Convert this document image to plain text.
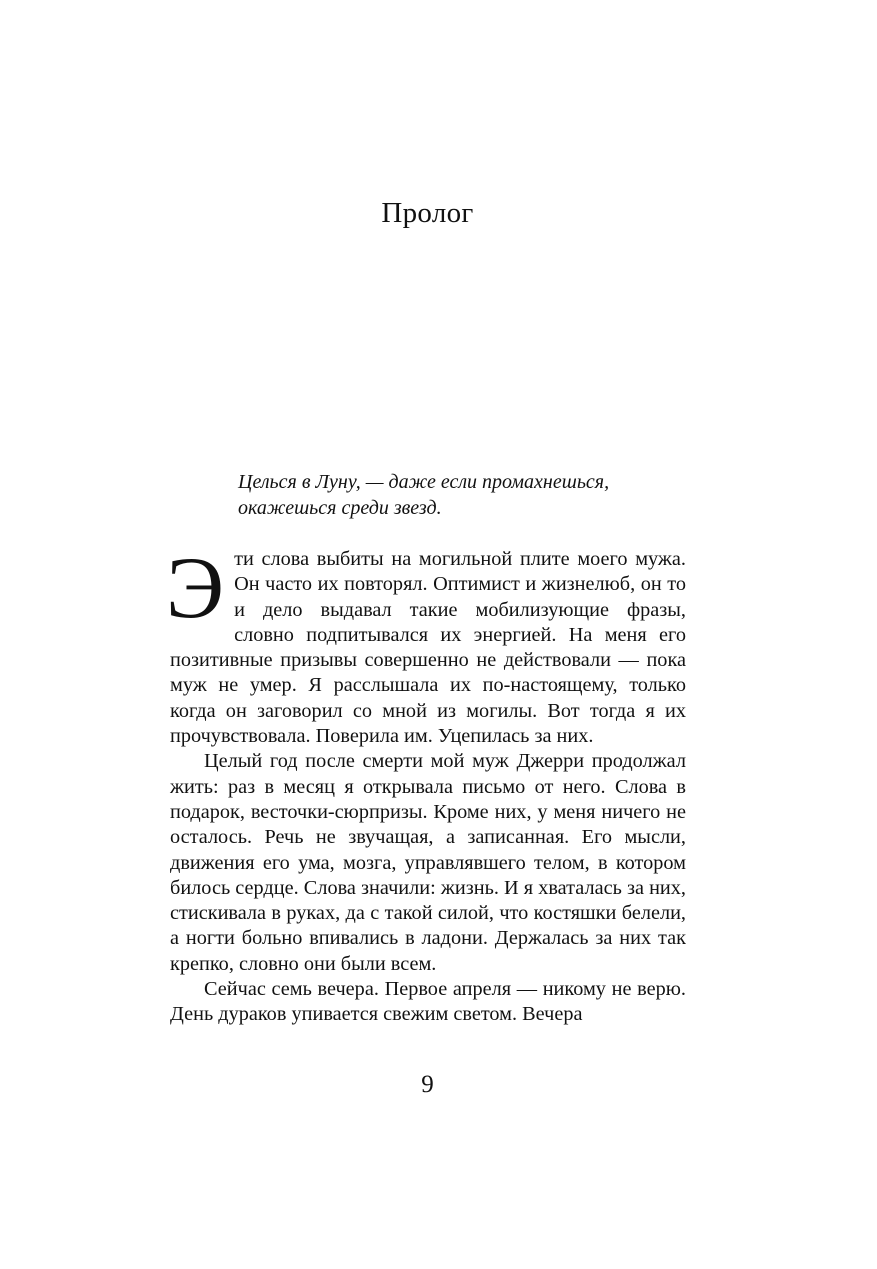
Пролог

Целься в Луну, — даже если промахнешься, окажешься среди звезд.

Эти слова выбиты на могильной плите моего мужа. Он часто их повторял. Оптимист и жизнелюб, он то и дело выдавал такие мобилизующие фразы, словно подпитывался их энергией. На меня его позитивные призывы совершенно не действовали — пока муж не умер. Я расслышала их по-настоящему, только когда он заговорил со мной из могилы. Вот тогда я их прочувствовала. Поверила им. Уцепилась за них.

Целый год после смерти мой муж Джерри продолжал жить: раз в месяц я открывала письмо от него. Слова в подарок, весточки-сюрпризы. Кроме них, у меня ничего не осталось. Речь не звучащая, а записанная. Его мысли, движения его ума, мозга, управлявшего телом, в котором билось сердце. Слова значили: жизнь. И я хваталась за них, стискивала в руках, да с такой силой, что костяшки белели, а ногти больно впивались в ладони. Держалась за них так крепко, словно они были всем.

Сейчас семь вечера. Первое апреля — никому не верю. День дураков упивается свежим светом. Вечера

9
